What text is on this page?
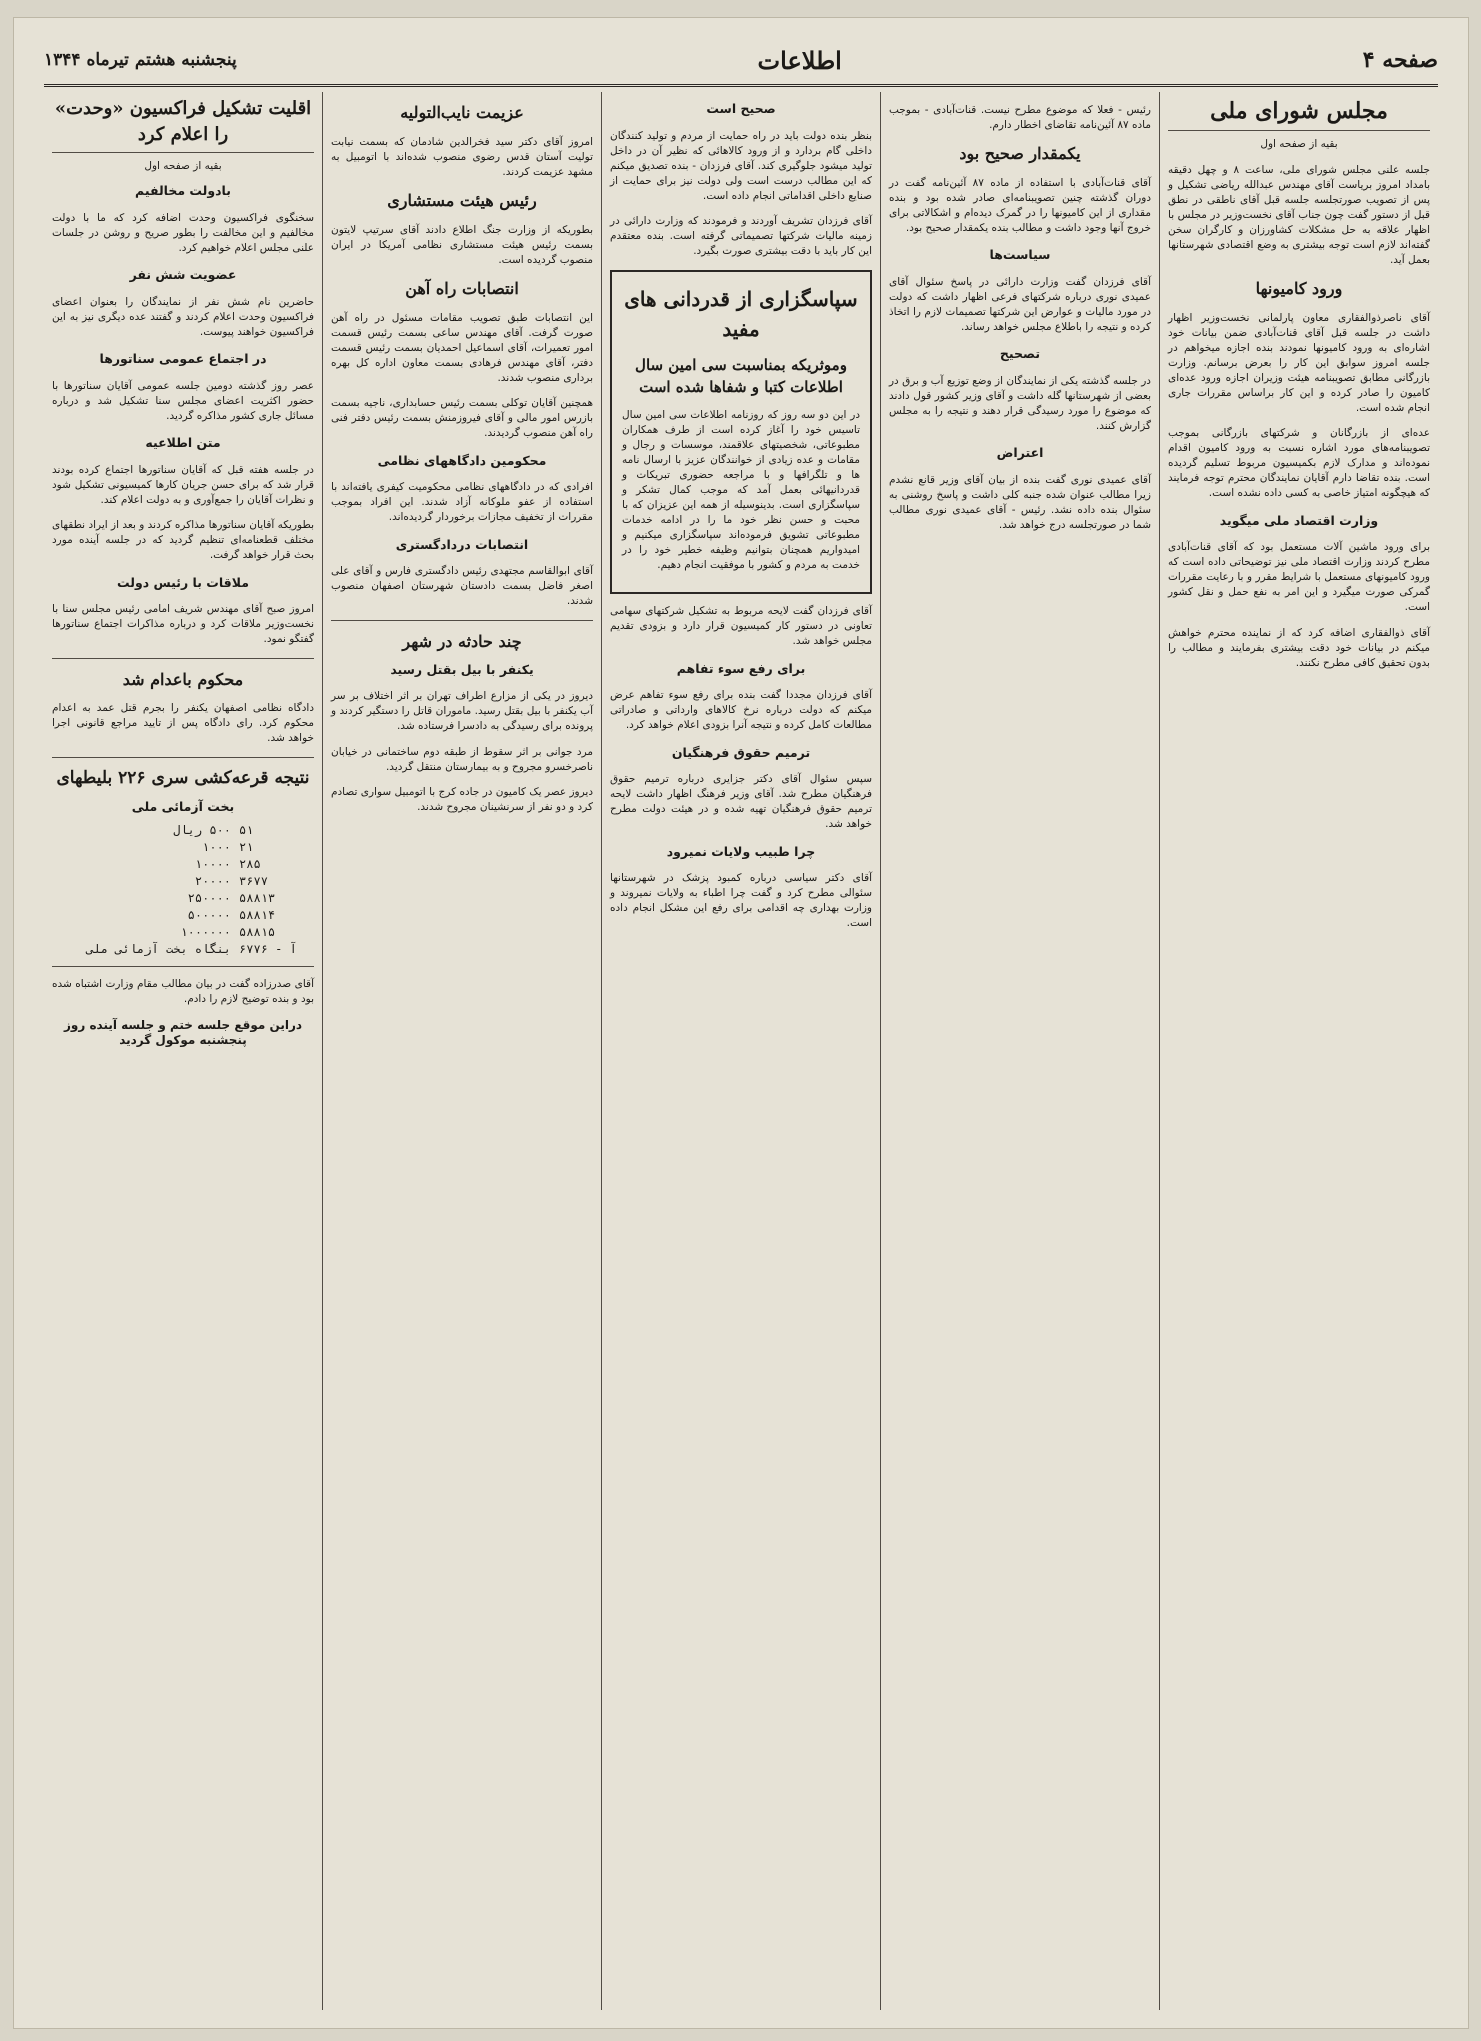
صفحه ۴
اطلاعات
پنجشنبه هشتم تیرماه ۱۳۴۴
مجلس شورای ملی
بقیه از صفحه اول

جلسه علنی مجلس شورای ملی، ساعت ۸ و چهل دقیقه بامداد امروز بریاست آقای مهندس عبدالله ریاضی تشکیل و پس از تصویب صورتجلسه جلسه قبل آقای ناطقی در نطق قبل از دستور گفت چون جناب آقای نخست‌وزیر در مجلس با اظهار علاقه به حل مشکلات کشاورزان و کارگران سخن گفته‌اند لازم است توجه بیشتری به وضع اقتصادی شهرستانها بعمل آید.

ورود کامیونها

آقای ناصرذوالفقاری معاون پارلمانی نخست‌وزیر اظهار داشت در جلسه قبل آقای قنات‌آبادی ضمن بیانات خود اشاره‌ای به ورود کامیونها نمودند بنده اجازه میخواهم در جلسه امروز سوابق این کار را بعرض برسانم. وزارت بازرگانی مطابق تصویبنامه هیئت وزیران اجازه ورود عده‌ای کامیون را صادر کرده و این کار براساس مقررات جاری انجام شده است.

عده‌ای از بازرگانان و شرکتهای بازرگانی بموجب تصویبنامه‌های مورد اشاره نسبت به ورود کامیون اقدام نموده‌اند و مدارک لازم بکمیسیون مربوط تسلیم گردیده است. بنده تقاضا دارم آقایان نمایندگان محترم توجه فرمایند که هیچگونه امتیاز خاصی به کسی داده نشده است.

وزارت اقتصاد ملی میگوید

برای ورود ماشین آلات مستعمل بود که آقای قنات‌آبادی مطرح کردند وزارت اقتصاد ملی نیز توضیحاتی داده است که ورود کامیونهای مستعمل با شرایط مقرر و با رعایت مقررات گمرکی صورت میگیرد و این امر به نفع حمل و نقل کشور است.

آقای ذوالفقاری اضافه کرد که از نماینده محترم خواهش میکنم در بیانات خود دقت بیشتری بفرمایند و مطالب را بدون تحقیق کافی مطرح نکنند.

رئیس - فعلا که موضوع مطرح نیست. قنات‌آبادی - بموجب ماده ۸۷ آئین‌نامه تقاضای اخطار دارم.

یکمقدار صحیح بود

آقای قنات‌آبادی با استفاده از ماده ۸۷ آئین‌نامه گفت در دوران گذشته چنین تصویبنامه‌ای صادر شده بود و بنده مقداری از این کامیونها را در گمرک دیده‌ام و اشکالاتی برای خروج آنها وجود داشت و مطالب بنده یکمقدار صحیح بود.

سیاست‌ها

آقای فرزدان گفت وزارت دارائی در پاسخ سئوال آقای عمیدی نوری درباره شرکتهای فرعی اظهار داشت که دولت در مورد مالیات و عوارض این شرکتها تصمیمات لازم را اتخاذ کرده و نتیجه را باطلاع مجلس خواهد رساند.

تصحیح

در جلسه گذشته یکی از نمایندگان از وضع توزیع آب و برق در بعضی از شهرستانها گله داشت و آقای وزیر کشور قول دادند که موضوع را مورد رسیدگی قرار دهند و نتیجه را به مجلس گزارش کنند.

اعتراض

آقای عمیدی نوری گفت بنده از بیان آقای وزیر قانع نشدم زیرا مطالب عنوان شده جنبه کلی داشت و پاسخ روشنی به سئوال بنده داده نشد. رئیس - آقای عمیدی نوری مطالب شما در صورتجلسه درج خواهد شد.

صحیح است

بنظر بنده دولت باید در راه حمایت از مردم و تولید کنندگان داخلی گام بردارد و از ورود کالاهائی که نظیر آن در داخل تولید میشود جلوگیری کند. آقای فرزدان - بنده تصدیق میکنم که این مطالب درست است ولی دولت نیز برای حمایت از صنایع داخلی اقداماتی انجام داده است.

آقای فرزدان تشریف آوردند و فرمودند که وزارت دارائی در زمینه مالیات شرکتها تصمیماتی گرفته است. بنده معتقدم این کار باید با دقت بیشتری صورت بگیرد.

سپاسگزاری از قدردانی های مفید
وموثریکه بمناسبت سی امین سال اطلاعات کتبا و شفاها شده است

در این دو سه روز که روزنامه اطلاعات سی امین سال تاسیس خود را آغاز کرده است از طرف همکاران مطبوعاتی، شخصیتهای علاقمند، موسسات و رجال و مقامات و عده زیادی از خوانندگان عزیز با ارسال نامه ها و تلگرافها و با مراجعه حضوری تبریکات و قدردانیهائی بعمل آمد که موجب کمال تشکر و سپاسگزاری است. بدینوسیله از همه این عزیزان که با محبت و حسن نظر خود ما را در ادامه خدمات مطبوعاتی تشویق فرموده‌اند سپاسگزاری میکنیم و امیدواریم همچنان بتوانیم وظیفه خطیر خود را در خدمت به مردم و کشور با موفقیت انجام دهیم.

آقای فرزدان گفت لایحه مربوط به تشکیل شرکتهای سهامی تعاونی در دستور کار کمیسیون قرار دارد و بزودی تقدیم مجلس خواهد شد.

برای رفع سوء تفاهم

آقای فرزدان مجددا گفت بنده برای رفع سوء تفاهم عرض میکنم که دولت درباره نرخ کالاهای وارداتی و صادراتی مطالعات کامل کرده و نتیجه آنرا بزودی اعلام خواهد کرد.

ترمیم حقوق فرهنگیان

سپس سئوال آقای دکتر جزایری درباره ترمیم حقوق فرهنگیان مطرح شد. آقای وزیر فرهنگ اظهار داشت لایحه ترمیم حقوق فرهنگیان تهیه شده و در هیئت دولت مطرح خواهد شد.

چرا طبیب ولایات نمیرود

آقای دکتر سیاسی درباره کمبود پزشک در شهرستانها سئوالی مطرح کرد و گفت چرا اطباء به ولایات نمیروند و وزارت بهداری چه اقدامی برای رفع این مشکل انجام داده است.

عزیمت نایب‌التولیه

امروز آقای دکتر سید فخرالدین شادمان که بسمت نیابت تولیت آستان قدس رضوی منصوب شده‌اند با اتومبیل به مشهد عزیمت کردند.

رئیس هیئت مستشاری

بطوریکه از وزارت جنگ اطلاع دادند آقای سرتیپ لایتون بسمت رئیس هیئت مستشاری نظامی آمریکا در ایران منصوب گردیده است.

انتصابات راه آهن

این انتصابات طبق تصویب مقامات مسئول در راه آهن صورت گرفت. آقای مهندس ساعی بسمت رئیس قسمت امور تعمیرات، آقای اسماعیل احمدیان بسمت رئیس قسمت دفتر، آقای مهندس فرهادی بسمت معاون اداره کل بهره برداری منصوب شدند.

همچنین آقایان توکلی بسمت رئیس حسابداری، ناجیه بسمت بازرس امور مالی و آقای فیروزمنش بسمت رئیس دفتر فنی راه آهن منصوب گردیدند.

محکومین دادگاههای نظامی

افرادی که در دادگاههای نظامی محکومیت کیفری یافته‌اند با استفاده از عفو ملوکانه آزاد شدند. این افراد بموجب مقررات از تخفیف مجازات برخوردار گردیده‌اند.

انتصابات دردادگستری

آقای ابوالقاسم مجتهدی رئیس دادگستری فارس و آقای علی اصغر فاضل بسمت دادستان شهرستان اصفهان منصوب شدند.

چند حادثه در شهر
یکنفر با بیل بقتل رسید

دیروز در یکی از مزارع اطراف تهران بر اثر اختلاف بر سر آب یکنفر با بیل بقتل رسید. ماموران قاتل را دستگیر کردند و پرونده برای رسیدگی به دادسرا فرستاده شد.

مرد جوانی بر اثر سقوط از طبقه دوم ساختمانی در خیابان ناصرخسرو مجروح و به بیمارستان منتقل گردید.

دیروز عصر یک کامیون در جاده کرج با اتومبیل سواری تصادم کرد و دو نفر از سرنشینان مجروح شدند.

اقلیت تشکیل فراکسیون «وحدت» را اعلام کرد
بقیه از صفحه اول
بادولت مخالفیم

سخنگوی فراکسیون وحدت اضافه کرد که ما با دولت مخالفیم و این مخالفت را بطور صریح و روشن در جلسات علنی مجلس اعلام خواهیم کرد.

عضویت شش نفر

حاضرین نام شش نفر از نمایندگان را بعنوان اعضای فراکسیون وحدت اعلام کردند و گفتند عده دیگری نیز به این فراکسیون خواهند پیوست.

در اجتماع عمومی سناتورها

عصر روز گذشته دومین جلسه عمومی آقایان سناتورها با حضور اکثریت اعضای مجلس سنا تشکیل شد و درباره مسائل جاری کشور مذاکره گردید.

متن اطلاعیه

در جلسه هفته قبل که آقایان سناتورها اجتماع کرده بودند قرار شد که برای حسن جریان کارها کمیسیونی تشکیل شود و نظرات آقایان را جمع‌آوری و به دولت اعلام کند.

بطوریکه آقایان سناتورها مذاکره کردند و بعد از ایراد نطقهای مختلف قطعنامه‌ای تنظیم گردید که در جلسه آینده مورد بحث قرار خواهد گرفت.

ملاقات با رئیس دولت

امروز صبح آقای مهندس شریف امامی رئیس مجلس سنا با نخست‌وزیر ملاقات کرد و درباره مذاکرات اجتماع سناتورها گفتگو نمود.

محکوم باعدام شد

دادگاه نظامی اصفهان یکنفر را بجرم قتل عمد به اعدام محکوم کرد. رای دادگاه پس از تایید مراجع قانونی اجرا خواهد شد.

نتیجه قرعه‌کشی سری ۲۲۶ بلیطهای
بخت آزمائی ملی
۵۱	۵۰۰ ریال
۲۱	۱۰۰۰
۲۸۵	۱۰۰۰۰
۳۶۷۷	۲۰۰۰۰
۵۸۸۱۳	۲۵۰۰۰۰
۵۸۸۱۴	۵۰۰۰۰۰
۵۸۸۱۵	۱۰۰۰۰۰۰
آ - ۶۷۷۶	بنگاه بخت آزمائی ملی

آقای صدرزاده گفت در بیان مطالب مقام وزارت اشتباه شده بود و بنده توضیح لازم را دادم.

دراین موقع جلسه ختم و جلسه آینده روز پنجشنبه موکول گردید
